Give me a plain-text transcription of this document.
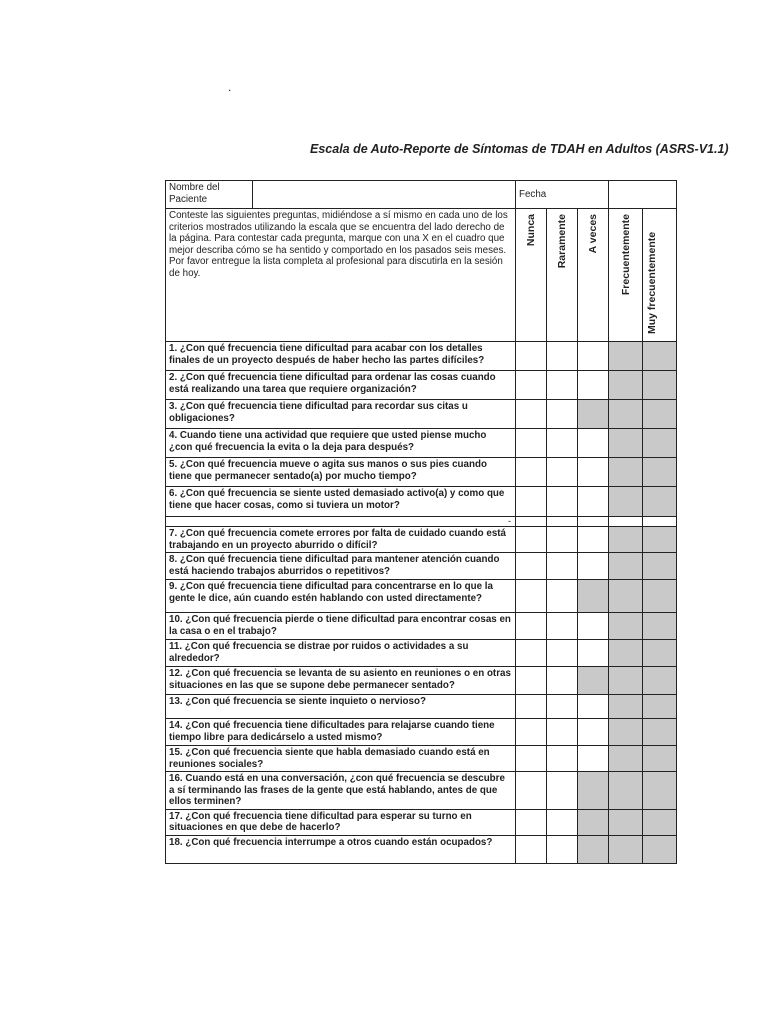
.
Escala de Auto-Reporte de Síntomas de TDAH en Adultos (ASRS-V1.1)
Nombre del Paciente		Fecha				
Conteste las siguientes preguntas, midiéndose a sí mismo en cada uno de los criterios mostrados utilizando la escala que se encuentra del lado derecho de la página. Para contestar cada pregunta, marque con una X en el cuadro que mejor describa cómo se ha sentido y comportado en los pasados seis meses. Por favor entregue la lista completa al profesional para discutirla en la sesión de hoy.		Nunca	Raramente	A veces	Frecuentemente	Muy frecuentemente

1. ¿Con qué frecuencia tiene dificultad para acabar con los detalles finales de un proyecto después de haber hecho las partes difíciles?						
2. ¿Con qué frecuencia tiene dificultad para ordenar las cosas cuando está realizando una tarea que requiere organización?						
3. ¿Con qué frecuencia tiene dificultad para recordar sus citas u obligaciones?						
4. Cuando tiene una actividad que requiere que usted piense mucho ¿con qué frecuencia la evita o la deja para después?						
5. ¿Con qué frecuencia mueve o agita sus manos o sus pies cuando tiene que permanecer sentado(a) por mucho tiempo?						
6. ¿Con qué frecuencia se siente usted demasiado activo(a) y como que tiene que hacer cosas, como si tuviera un motor?						
-						
7. ¿Con qué frecuencia comete errores por falta de cuidado cuando está trabajando en un proyecto aburrido o difícil?						
8. ¿Con qué frecuencia tiene dificultad para mantener atención cuando está haciendo trabajos aburridos o repetitivos?						
9. ¿Con qué frecuencia tiene dificultad para concentrarse en lo que la gente le dice, aún cuando estén hablando con usted directamente?						
10. ¿Con qué frecuencia pierde o tiene dificultad para encontrar cosas en la casa o en el trabajo?						
11. ¿Con qué frecuencia se distrae por ruidos o actividades a su alrededor?						
12. ¿Con qué frecuencia se levanta de su asiento en reuniones o en otras situaciones en las que se supone debe permanecer sentado?						
13. ¿Con qué frecuencia se siente inquieto o nervioso?						
14. ¿Con qué frecuencia tiene dificultades para relajarse cuando tiene tiempo libre para dedicárselo a usted mismo?						
15. ¿Con qué frecuencia siente que habla demasiado cuando está en reuniones sociales?						
16. Cuando está en una conversación, ¿con qué frecuencia se descubre a sí terminando las frases de la gente que está hablando, antes de que ellos terminen?						
17. ¿Con qué frecuencia tiene dificultad para esperar su turno en situaciones en que debe de hacerlo?						
18. ¿Con qué frecuencia interrumpe a otros cuando están ocupados?						
